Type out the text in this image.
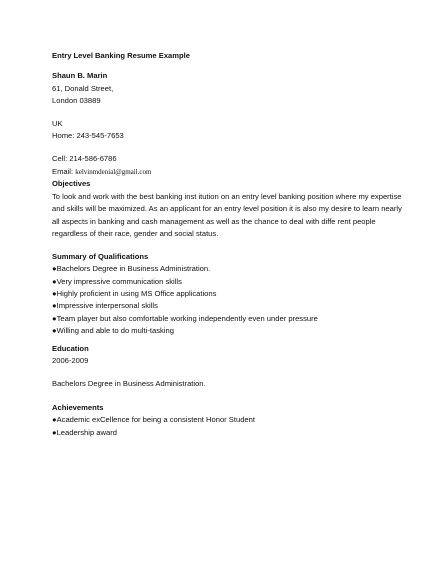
Entry Level Banking Resume Example
Shaun B. Marin
61, Donald Street,
London 03889
UK
Home: 243-545-7653
Cell: 214-586-6786
Email: kelvinmdenial@gmail.com
Objectives
To look and work with the best banking inst itution on an entry level banking position where my expertise
and skills will be maximized. As an applicant for an entry level position it is also my desire to learn nearly
all aspects in banking and cash management as well as the chance to deal with diffe rent people
regardless of their race, gender and social status.
Summary of Qualifications
●Bachelors Degree in Business Administration.
●Very impressive communication skills
●Highly proficient in using MS Office applications
●Impressive interpersonal skills
●Team player but also comfortable working independently even under pressure
●Willing and able to do multi-tasking
Education
2006-2009
Bachelors Degree in Business Administration.
Achievements
●Academic exCellence for being a consistent Honor Student
●Leadership award
